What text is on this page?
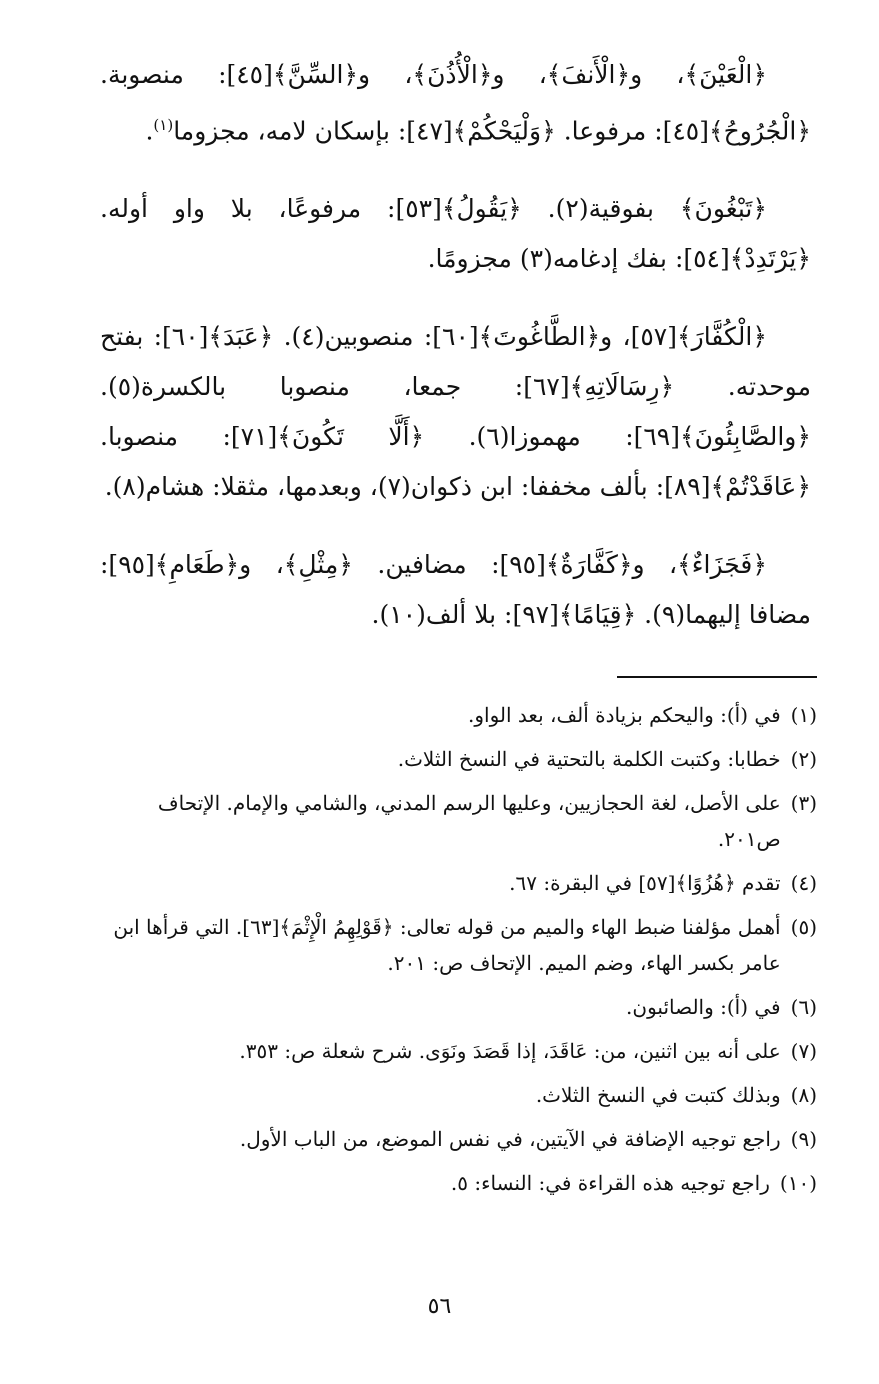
﴿الْعَيْنَ﴾، و﴿الْأَنفَ﴾، و﴿الْأُذُنَ﴾، و﴿السِّنَّ﴾[٤٥]: منصوبة.
﴿الْجُرُوحُ﴾[٤٥]: مرفوعا. ﴿وَلْيَحْكُمْ﴾[٤٧]: بإسكان لامه، مجزوما$^{(١)}$.
﴿تَبْغُونَ﴾ بفوقية(٢). ﴿يَقُولُ﴾[٥٣]: مرفوعًا، بلا واو أوله.
﴿يَرْتَدِدْ﴾[٥٤]: بفك إدغامه(٣) مجزومًا.
﴿الْكُفَّارَ﴾[٥٧]، و﴿الطَّاغُوتَ﴾[٦٠]: منصوبين(٤). ﴿عَبَدَ﴾[٦٠]: بفتح
موحدته. ﴿رِسَالَاتِهِ﴾[٦٧]: جمعا، منصوبا بالكسرة(٥).
﴿والصَّابِئُونَ﴾[٦٩]: مهموزا(٦). ﴿أَلَّا تَكُونَ﴾[٧١]: منصوبا.
﴿عَاقَدْتُمْ﴾[٨٩]: بألف مخففا: ابن ذكوان(٧)، وبعدمها، مثقلا: هشام(٨).
﴿فَجَزَاءٌ﴾، و﴿كَفَّارَةٌ﴾[٩٥]: مضافين. ﴿مِثْلِ﴾، و﴿طَعَامِ﴾[٩٥]:
مضافا إليهما(٩). ﴿قِيَامًا﴾[٩٧]: بلا ألف(١٠).
(١)
في (أ): واليحكم بزيادة ألف، بعد الواو.
(٢)
خطابا: وكتبت الكلمة بالتحتية في النسخ الثلاث.
(٣)
على الأصل، لغة الحجازيين، وعليها الرسم المدني، والشامي والإمام. الإتحاف ص٢٠١.
(٤)
تقدم ﴿هُزُوًا﴾[٥٧] في البقرة: ٦٧.
(٥)
أهمل مؤلفنا ضبط الهاء والميم من قوله تعالى: ﴿قَوْلِهِمُ الْإِثْمَ﴾[٦٣]. التي قرأها ابن عامر بكسر الهاء، وضم الميم. الإتحاف ص: ٢٠١.
(٦)
في (أ): والصائبون.
(٧)
على أنه بين اثنين، من: عَاقَدَ، إذا قَصَدَ ونَوَى. شرح شعلة ص: ٣٥٣.
(٨)
وبذلك كتبت في النسخ الثلاث.
(٩)
راجع توجيه الإضافة في الآيتين، في نفس الموضع، من الباب الأول.
(١٠)
راجع توجيه هذه القراءة في: النساء: ٥.
٥٦
